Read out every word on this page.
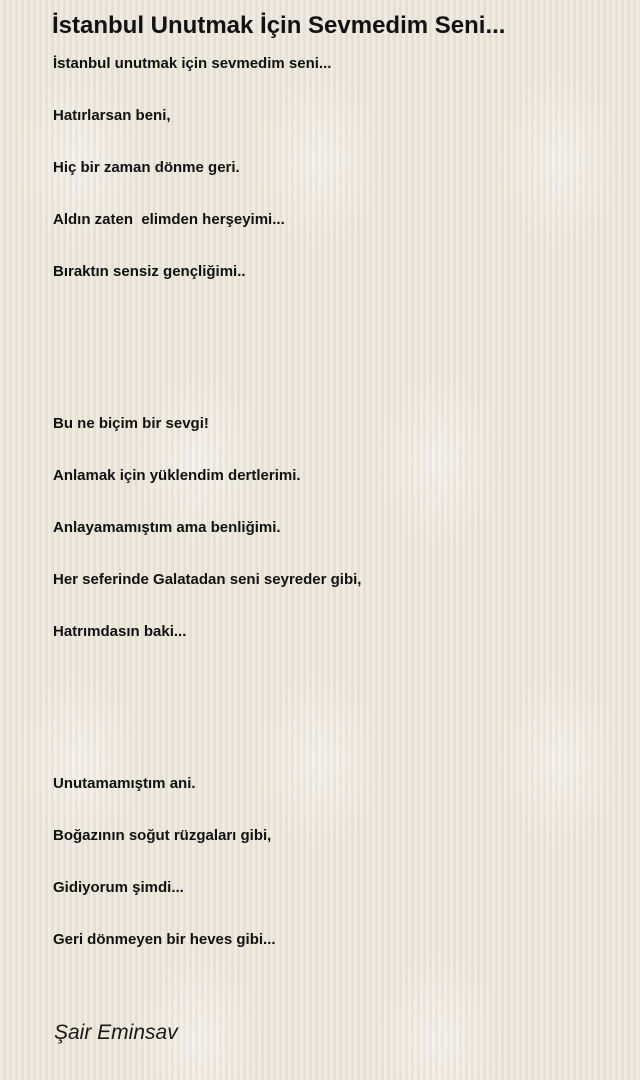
İstanbul Unutmak İçin Sevmedim Seni...
İstanbul unutmak için sevmedim seni...
Hatırlarsan beni,
Hiç bir zaman dönme geri.
Aldın zaten  elimden herşeyimi...
Bıraktın sensiz gençliğimi..
Bu ne biçim bir sevgi!
Anlamak için yüklendim dertlerimi.
Anlayamamıştım ama benliğimi.
Her seferinde Galatadan seni seyreder gibi,
Hatrımdasın baki...
Unutamamıştım ani.
Boğazının soğut rüzgaları gibi,
Gidiyorum şimdi...
Geri dönmeyen bir heves gibi...
Şair Eminsav
